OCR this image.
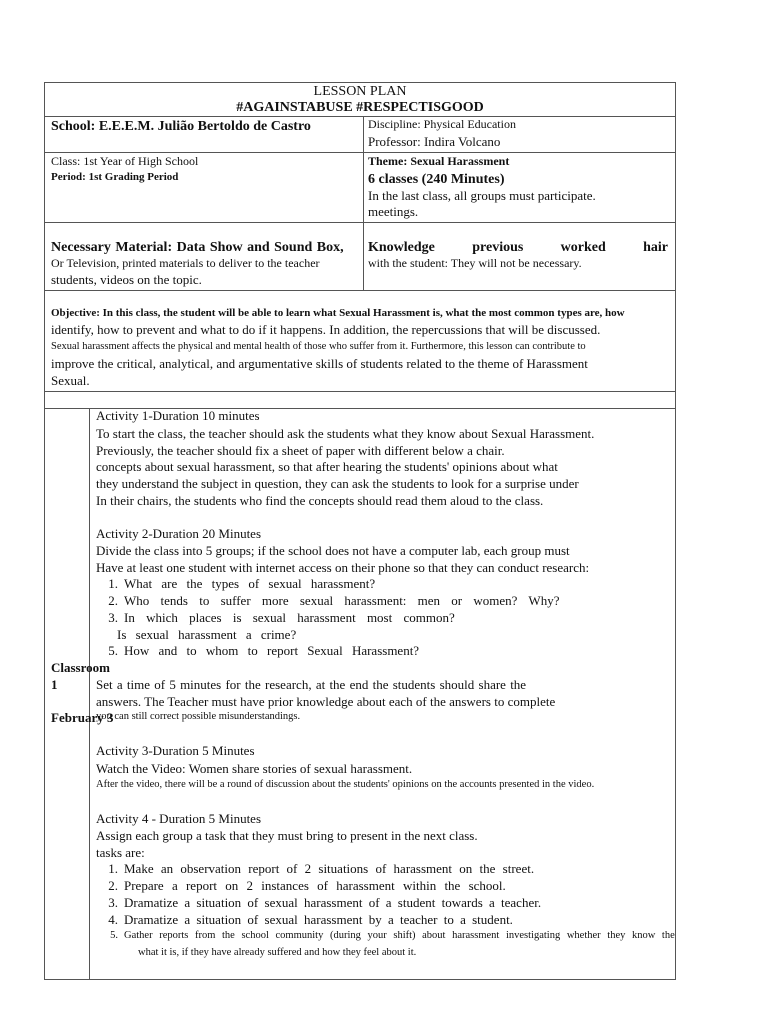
LESSON PLAN
#AGAINSTABUSE #RESPECTISGOOD
School: E.E.E.M. Julião Bertoldo de Castro	Discipline: Physical Education
Professor: Indira Volcano
Class: 1st Year of High School
Period: 1st Grading Period
Theme: Sexual Harassment
6 classes (240 Minutes)
In the last class, all groups must participate.
meetings.
Necessary Material: Data Show and Sound Box,
Or Television, printed materials to deliver to the teacher
students, videos on the topic.
Knowledge previous worked hair
with the student: They will not be necessary.
Objective: In this class, the student will be able to learn what Sexual Harassment is, what the most common types are, how
identify, how to prevent and what to do if it happens. In addition, the repercussions that will be discussed.
Sexual harassment affects the physical and mental health of those who suffer from it. Furthermore, this lesson can contribute to
improve the critical, analytical, and argumentative skills of students related to the theme of Harassment
Sexual.
Classroom
1
February 3
Activity 1-Duration 10 minutes
To start the class, the teacher should ask the students what they know about Sexual Harassment.
Previously, the teacher should fix a sheet of paper with different below a chair.
concepts about sexual harassment, so that after hearing the students' opinions about what
they understand the subject in question, they can ask the students to look for a surprise under
In their chairs, the students who find the concepts should read them aloud to the class.
Activity 2-Duration 20 Minutes
Divide the class into 5 groups; if the school does not have a computer lab, each group must
Have at least one student with internet access on their phone so that they can conduct research:
1. What are the types of sexual harassment?
2. Who tends to suffer more sexual harassment: men or women? Why?
3. In which places is sexual harassment most common?
Is sexual harassment a crime?
5. How and to whom to report Sexual Harassment?
Set a time of 5 minutes for the research, at the end the students should share the
answers. The Teacher must have prior knowledge about each of the answers to complete
you can still correct possible misunderstandings.
Activity 3-Duration 5 Minutes
Watch the Video: Women share stories of sexual harassment.
After the video, there will be a round of discussion about the students' opinions on the accounts presented in the video.
Activity 4 - Duration 5 Minutes
Assign each group a task that they must bring to present in the next class.
tasks are:
1. Make an observation report of 2 situations of harassment on the street.
2. Prepare a report on 2 instances of harassment within the school.
3. Dramatize a situation of sexual harassment of a student towards a teacher.
4. Dramatize a situation of sexual harassment by a teacher to a student.
5. Gather reports from the school community (during your shift) about harassment investigating whether they know the
what it is, if they have already suffered and how they feel about it.
